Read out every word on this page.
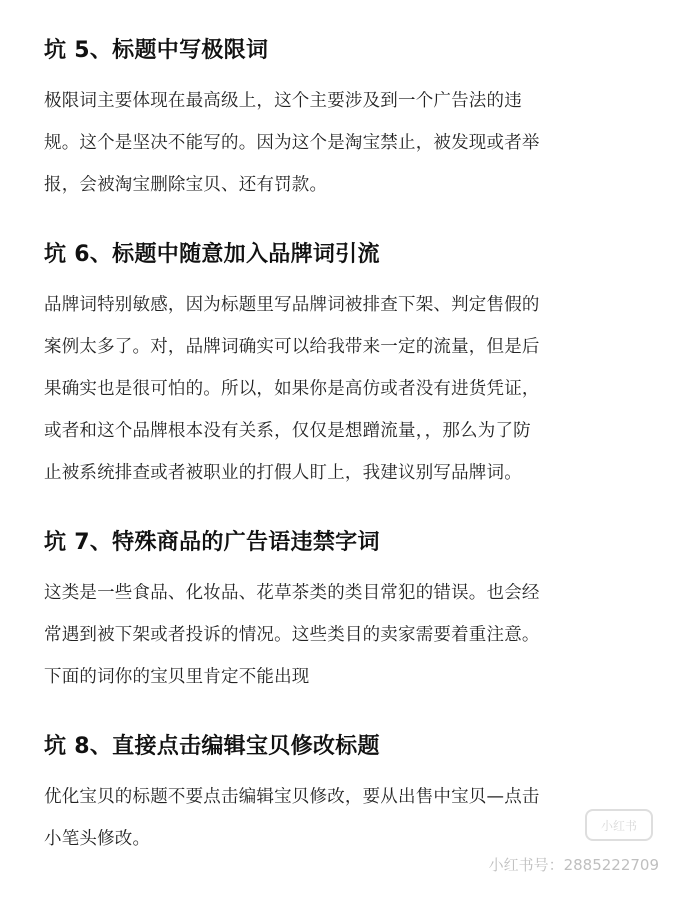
坑 5、标题中写极限词
极限词主要体现在最高级上，这个主要涉及到一个广告法的违
规。这个是坚决不能写的。因为这个是淘宝禁止，被发现或者举
报，会被淘宝删除宝贝、还有罚款。
坑 6、标题中随意加入品牌词引流
品牌词特别敏感，因为标题里写品牌词被排查下架、判定售假的
案例太多了。对，品牌词确实可以给我带来一定的流量，但是后
果确实也是很可怕的。所以，如果你是高仿或者没有进货凭证，
或者和这个品牌根本没有关系，仅仅是想蹭流量，，那么为了防
止被系统排查或者被职业的打假人盯上，我建议别写品牌词。
坑 7、特殊商品的广告语违禁字词
这类是一些食品、化妆品、花草茶类的类目常犯的错误。也会经
常遇到被下架或者投诉的情况。这些类目的卖家需要着重注意。
下面的词你的宝贝里肯定不能出现
坑 8、直接点击编辑宝贝修改标题
优化宝贝的标题不要点击编辑宝贝修改，要从出售中宝贝—点击
小笔头修改。
小红书
小红书号：2885222709
